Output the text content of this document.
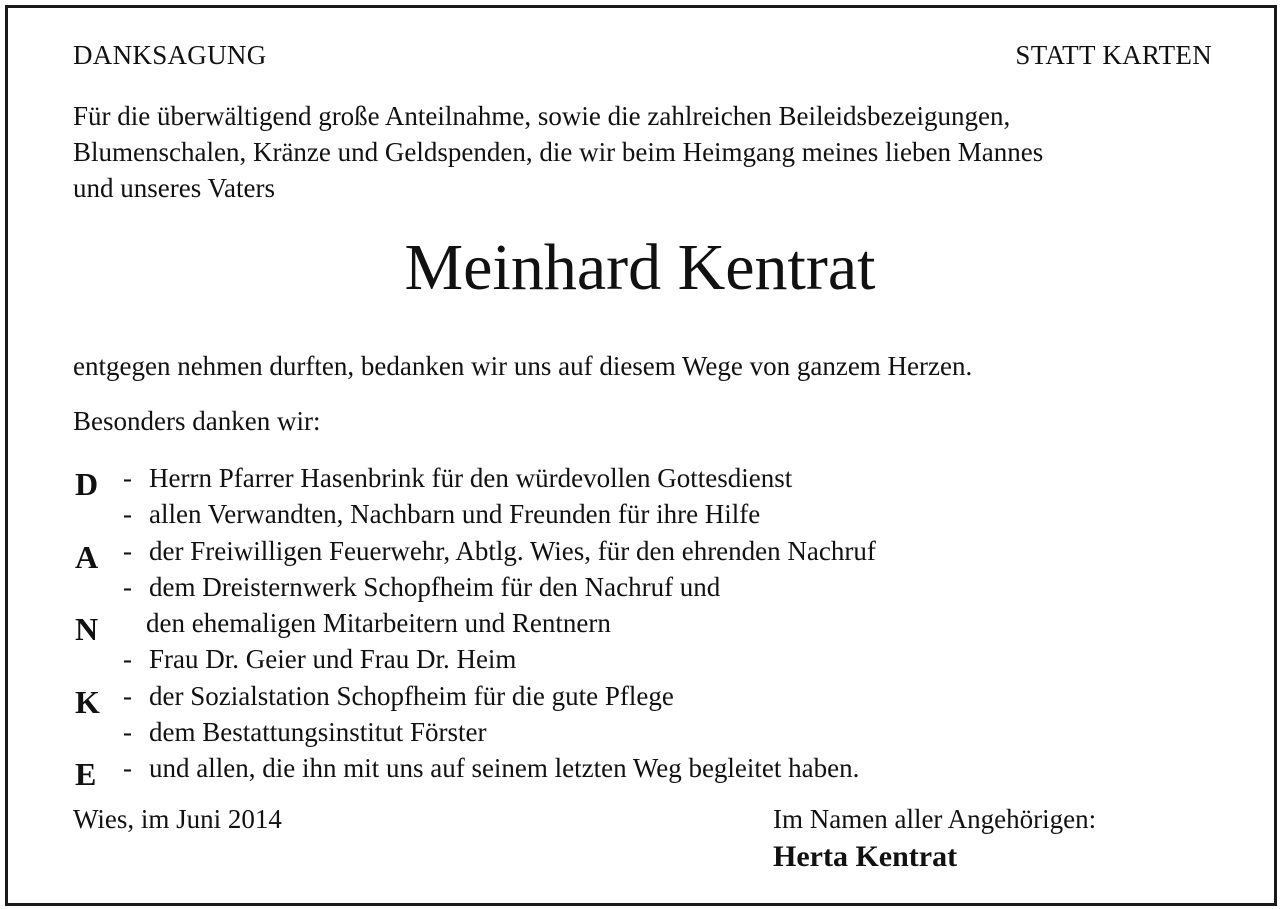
DANKSAGUNG	STATT KARTEN
Für die überwältigend große Anteilnahme, sowie die zahlreichen Beileidsbezeigungen,
Blumenschalen, Kränze und Geldspenden, die wir beim Heimgang meines lieben Mannes
und unseres Vaters
Meinhard Kentrat
entgegen nehmen durften, bedanken wir uns auf diesem Wege von ganzem Herzen.
Besonders danken wir:
D - Herrn Pfarrer Hasenbrink für den würdevollen Gottesdienst
- allen Verwandten, Nachbarn und Freunden für ihre Hilfe
A - der Freiwilligen Feuerwehr, Abtlg. Wies, für den ehrenden Nachruf
- dem Dreisternwerk Schopfheim für den Nachruf und
N den ehemaligen Mitarbeitern und Rentnern
- Frau Dr. Geier und Frau Dr. Heim
K - der Sozialstation Schopfheim für die gute Pflege
- dem Bestattungsinstitut Förster
E - und allen, die ihn mit uns auf seinem letzten Weg begleitet haben.
Wies, im Juni 2014	Im Namen aller Angehörigen:
Herta Kentrat
